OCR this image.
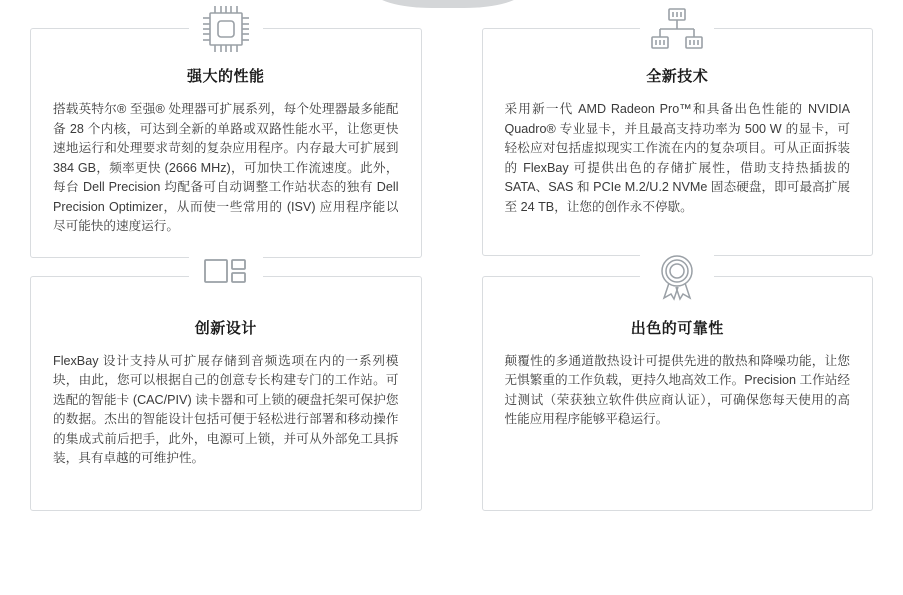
强大的性能
搭载英特尔® 至强® 处理器可扩展系列，每个处理器最多能配备 28 个内核，可达到全新的单路或双路性能水平，让您更快速地运行和处理要求苛刻的复杂应用程序。内存最大可扩展到 384 GB，频率更快 (2666 MHz)，可加快工作流速度。此外，每台 Dell Precision 均配备可自动调整工作站状态的独有 Dell Precision Optimizer，从而使一些常用的 (ISV) 应用程序能以尽可能快的速度运行。
全新技术
采用新一代 AMD Radeon Pro™和具备出色性能的 NVIDIA Quadro® 专业显卡，并且最高支持功率为 500 W 的显卡，可轻松应对包括虚拟现实工作流在内的复杂项目。可从正面拆装的 FlexBay 可提供出色的存储扩展性，借助支持热插拔的 SATA、SAS 和 PCIe M.2/U.2 NVMe 固态硬盘，即可最高扩展至 24 TB，让您的创作永不停歇。
创新设计
FlexBay 设计支持从可扩展存储到音频选项在内的一系列模块，由此，您可以根据自己的创意专长构建专门的工作站。可选配的智能卡 (CAC/PIV) 读卡器和可上锁的硬盘托架可保护您的数据。杰出的智能设计包括可便于轻松进行部署和移动操作的集成式前后把手，此外，电源可上锁，并可从外部免工具拆装，具有卓越的可维护性。
出色的可靠性
颠覆性的多通道散热设计可提供先进的散热和降噪功能，让您无惧繁重的工作负载，更持久地高效工作。Precision 工作站经过测试（荣获独立软件供应商认证），可确保您每天使用的高性能应用程序能够平稳运行。
